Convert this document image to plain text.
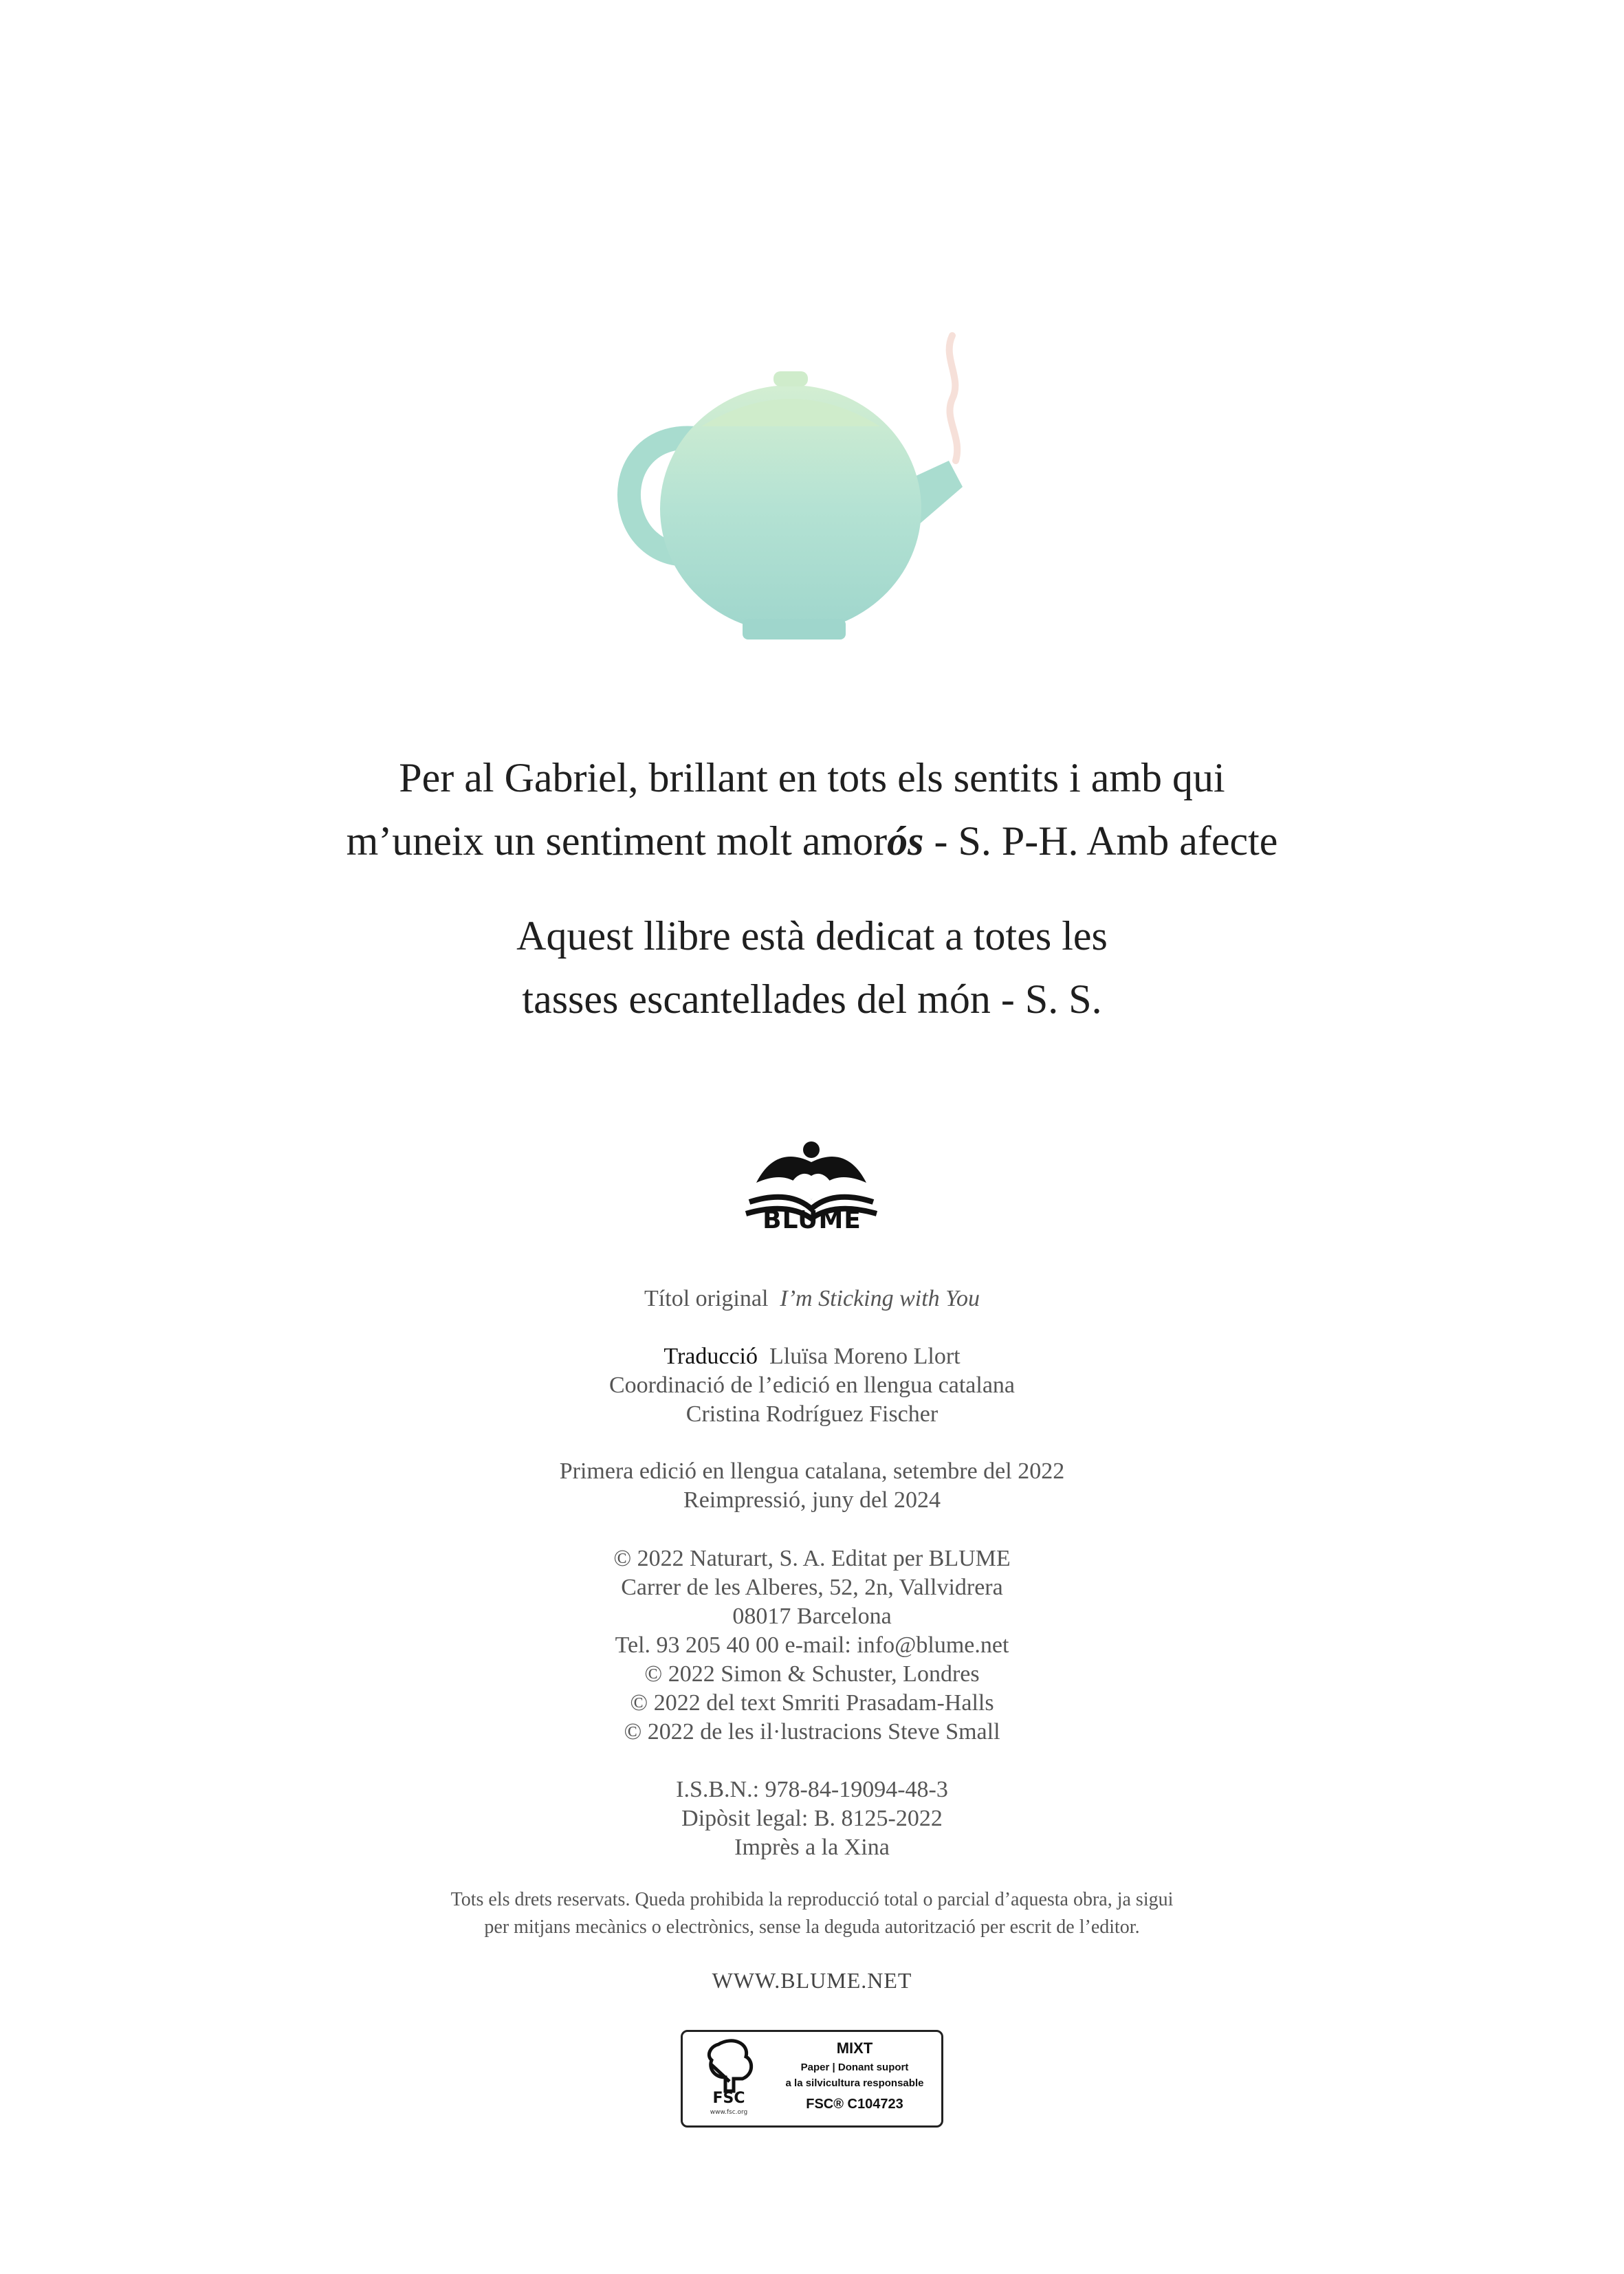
Per al Gabriel, brillant en tots els sentits i amb qui
m’uneix un sentiment molt amorós - S. P-H. Amb afecte
Aquest llibre està dedicat a totes les
tasses escantellades del món - S. S.
BLUME
Títol original I’m Sticking with You
Traducció Lluïsa Moreno Llort
Coordinació de l’edició en llengua catalana
Cristina Rodríguez Fischer
Primera edició en llengua catalana, setembre del 2022
Reimpressió, juny del 2024
© 2022 Naturart, S. A. Editat per BLUME
Carrer de les Alberes, 52, 2n, Vallvidrera
08017 Barcelona
Tel. 93 205 40 00 e-mail: info@blume.net
© 2022 Simon & Schuster, Londres
© 2022 del text Smriti Prasadam-Halls
© 2022 de les il·lustracions Steve Small
I.S.B.N.: 978-84-19094-48-3
Dipòsit legal: B. 8125-2022
Imprès a la Xina
Tots els drets reservats. Queda prohibida la reproducció total o parcial d’aquesta obra, ja sigui
per mitjans mecànics o electrònics, sense la deguda autorització per escrit de l’editor.
WWW.BLUME.NET
FSC
www.fsc.org
MIXT
Paper | Donant suport
a la silvicultura responsable
FSC® C104723
